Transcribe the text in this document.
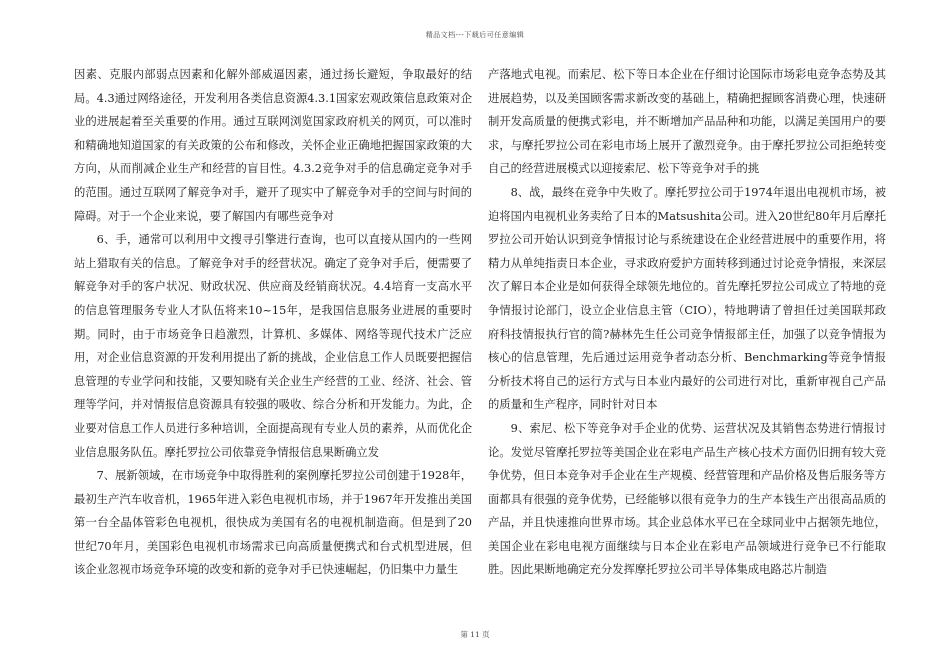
精品文档---下载后可任意编辑

因素、克服内部弱点因素和化解外部威逼因素，通过扬长避短，争取最好的结局。4.3通过网络途径，开发利用各类信息资源4.3.1国家宏观政策信息政策对企业的进展起着至关重要的作用。通过互联网浏览国家政府机关的网页，可以准时和精确地知道国家的有关政策的公布和修改，关怀企业正确地把握国家政策的大方向，从而削减企业生产和经营的盲目性。4.3.2竞争对手的信息确定竞争对手的范围。通过互联网了解竞争对手，避开了现实中了解竞争对手的空间与时间的障碍。对于一个企业来说，要了解国内有哪些竞争对

6、手，通常可以利用中文搜寻引擎进行查询，也可以直接从国内的一些网站上猎取有关的信息。了解竞争对手的经营状况。确定了竞争对手后，便需要了解竞争对手的客户状况、财政状况、供应商及经销商状况。4.4培育一支高水平的信息管理服务专业人才队伍将来10~15年，是我国信息服务业进展的重要时期。同时，由于市场竞争日趋激烈，计算机、多媒体、网络等现代技术广泛应用，对企业信息资源的开发利用提出了新的挑战，企业信息工作人员既要把握信息管理的专业学问和技能，又要知晓有关企业生产经营的工业、经济、社会、管理等学问，并对情报信息资源具有较强的吸收、综合分析和开发能力。为此，企业要对信息工作人员进行多种培训，全面提高现有专业人员的素养，从而优化企业信息服务队伍。摩托罗拉公司依靠竞争情报信息果断确立发

7、展新领域，在市场竞争中取得胜利的案例摩托罗拉公司创建于1928年，最初生产汽车收音机，1965年进入彩色电视机市场，并于1967年开发推出美国第一台全晶体管彩色电视机，很快成为美国有名的电视机制造商。但是到了20世纪70年月，美国彩色电视机市场需求已向高质量便携式和台式机型进展，但该企业忽视市场竞争环境的改变和新的竞争对手已快速崛起，仍旧集中力量生

产落地式电视。而索尼、松下等日本企业在仔细讨论国际市场彩电竞争态势及其进展趋势，以及美国顾客需求新改变的基础上，精确把握顾客消费心理，快速研制开发高质量的便携式彩电，并不断增加产品品种和功能，以满足美国用户的要求，与摩托罗拉公司在彩电市场上展开了激烈竞争。由于摩托罗拉公司拒绝转变自己的经营进展模式以迎接索尼、松下等竞争对手的挑

8、战，最终在竞争中失败了。摩托罗拉公司于1974年退出电视机市场，被迫将国内电视机业务卖给了日本的Matsushita公司。进入20世纪80年月后摩托罗拉公司开始认识到竞争情报讨论与系统建设在企业经营进展中的重要作用，将精力从单纯指责日本企业，寻求政府爱护方面转移到通过讨论竞争情报，来深层次了解日本企业是如何获得全球领先地位的。首先摩托罗拉公司成立了特地的竞争情报讨论部门，设立企业信息主管（CIO），特地聘请了曾担任过美国联邦政府科技情报执行官的简?赫林先生任公司竞争情报部主任，加强了以竞争情报为核心的信息管理，先后通过运用竞争者动态分析、Benchmarking等竞争情报分析技术将自己的运行方式与日本业内最好的公司进行对比，重新审视自己产品的质量和生产程序，同时针对日本

9、索尼、松下等竞争对手企业的优势、运营状况及其销售态势进行情报讨论。发觉尽管摩托罗拉等美国企业在彩电产品生产核心技术方面仍旧拥有较大竞争优势，但日本竞争对手企业在生产规模、经营管理和产品价格及售后服务等方面都具有很强的竞争优势，已经能够以很有竞争力的生产本钱生产出很高品质的产品，并且快速推向世界市场。其企业总体水平已在全球同业中占据领先地位，美国企业在彩电电视方面继续与日本企业在彩电产品领域进行竞争已不行能取胜。因此果断地确定充分发挥摩托罗拉公司半导体集成电路芯片制造

第 11 页
